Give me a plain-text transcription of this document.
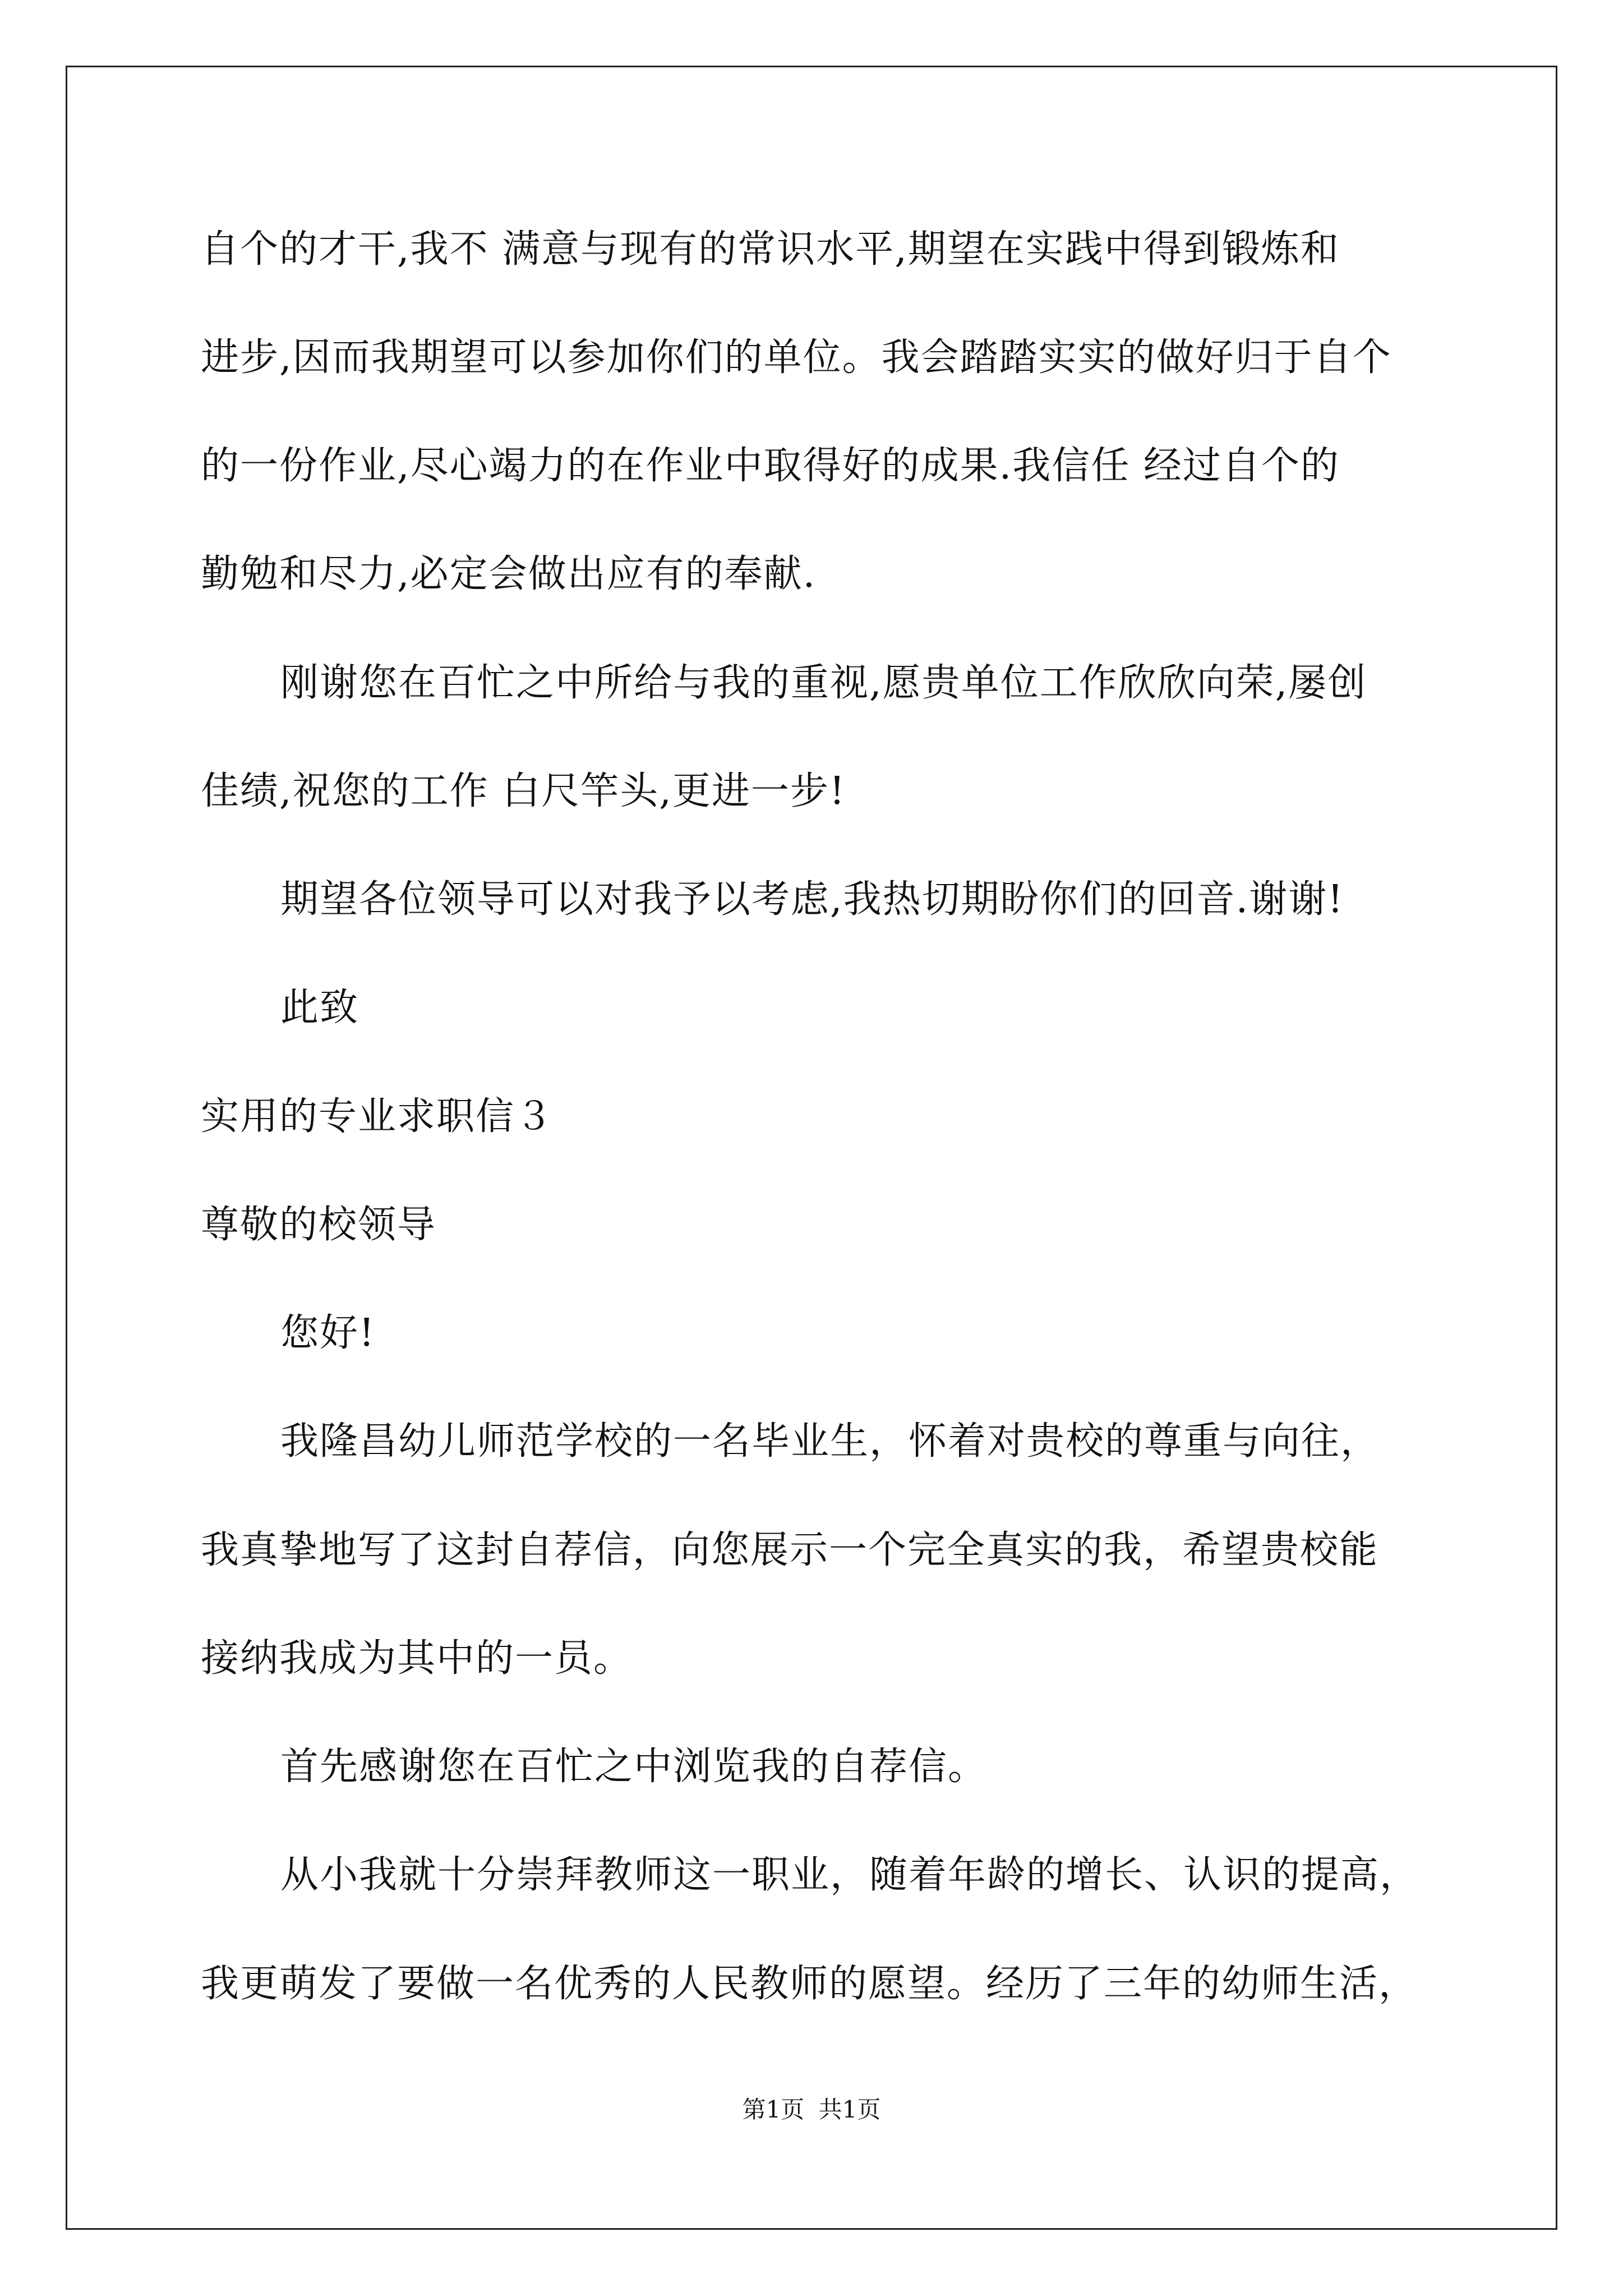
自个的才干,我不 满意与现有的常识水平,期望在实践中得到锻炼和
进步,因而我期望可以参加你们的单位。我会踏踏实实的做好归于自个
的一份作业,尽心竭力的在作业中取得好的成果.我信任 经过自个的
勤勉和尽力,必定会做出应有的奉献.
刚谢您在百忙之中所给与我的重视,愿贵单位工作欣欣向荣,屡创
佳绩,祝您的工作 白尺竿头,更进一步!
期望各位领导可以对我予以考虑,我热切期盼你们的回音.谢谢!
此致
实用的专业求职信３
尊敬的校领导
您好!
我隆昌幼儿师范学校的一名毕业生，怀着对贵校的尊重与向往，
我真挚地写了这封自荐信，向您展示一个完全真实的我，希望贵校能
接纳我成为其中的一员。
首先感谢您在百忙之中浏览我的自荐信。
从小我就十分崇拜教师这一职业，随着年龄的增长、认识的提高，
我更萌发了要做一名优秀的人民教师的愿望。经历了三年的幼师生活，
第1页 共1页
